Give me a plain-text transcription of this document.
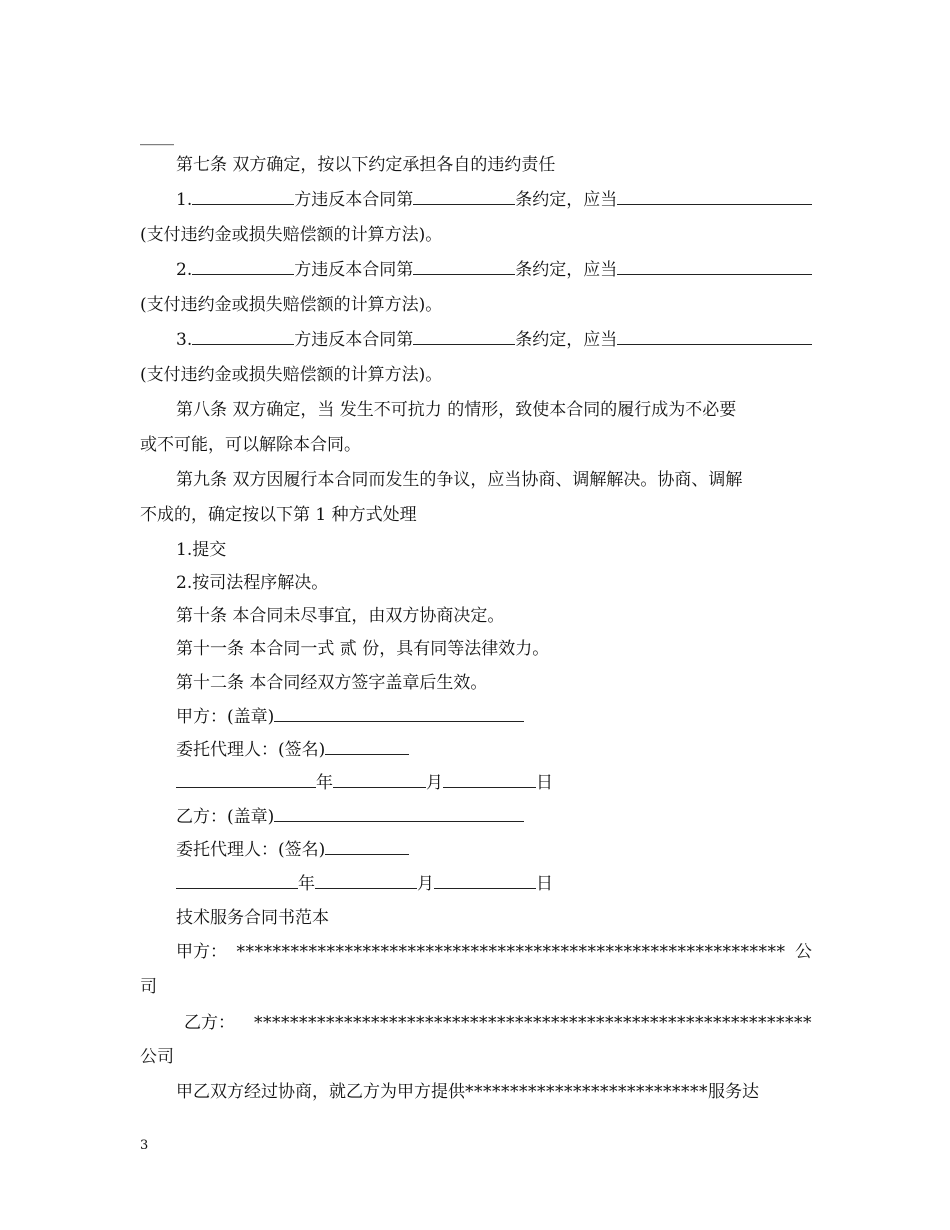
____
第七条 双方确定，按以下约定承担各自的违约责任
1.	方违反本合同第	条约定，应当
(支付违约金或损失赔偿额的计算方法)。
2.	方违反本合同第	条约定，应当
(支付违约金或损失赔偿额的计算方法)。
3.	方违反本合同第	条约定，应当
(支付违约金或损失赔偿额的计算方法)。
第八条 双方确定，当 发生不可抗力 的情形，致使本合同的履行成为不必要
或不可能，可以解除本合同。
第九条 双方因履行本合同而发生的争议，应当协商、调解解决。协商、调解
不成的，确定按以下第 1 种方式处理
1.提交
2.按司法程序解决。
第十条 本合同未尽事宜，由双方协商决定。
第十一条 本合同一式 贰 份，具有同等法律效力。
第十二条 本合同经双方签字盖章后生效。
甲方：(盖章)
委托代理人：(签名)
年	月	日
乙方：(盖章)
委托代理人：(签名)
年	月	日
技术服务合同书范本
甲方： ************************************************************* 公
司
乙方： **************************************************************
公司
甲乙双方经过协商，就乙方为甲方提供 *************************** 服务达
3
